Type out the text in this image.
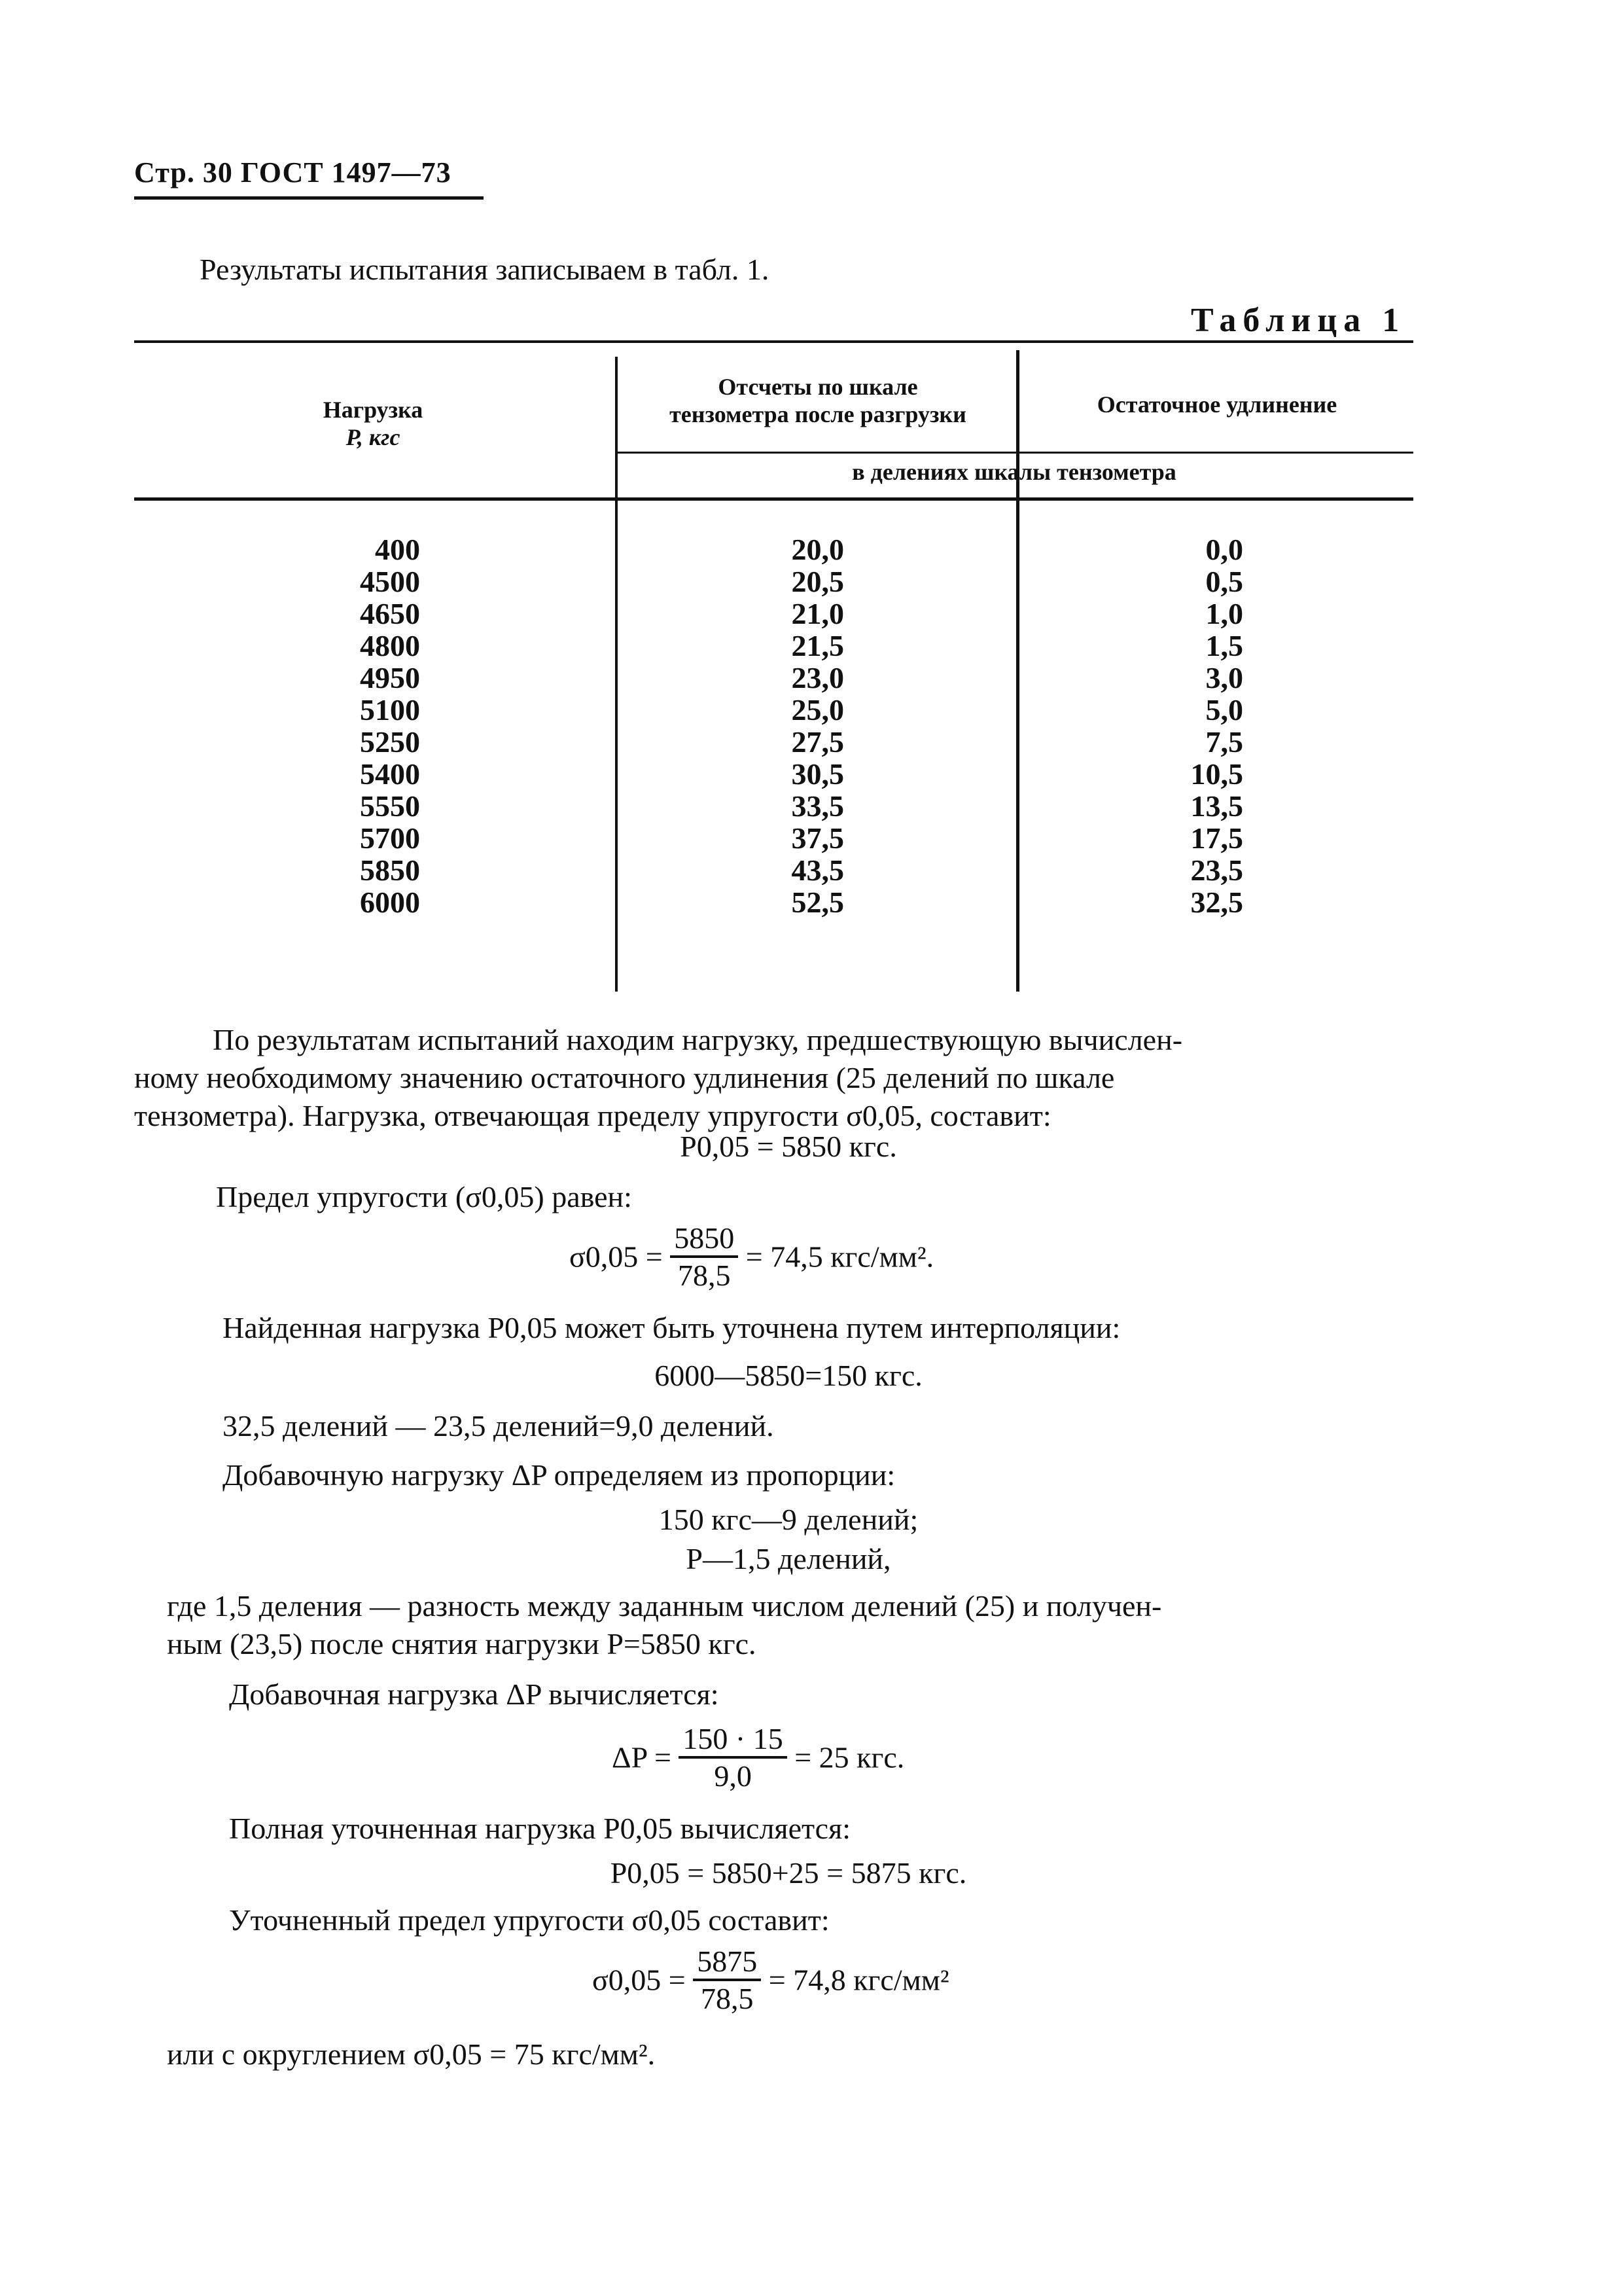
Стр. 30 ГОСТ 1497—73
Результаты испытания записываем в табл. 1.
Таблица 1
Нагрузка
P, кгс
Отсчеты по шкале
тензометра после разгрузки	Остаточное удлинение
в делениях шкалы тензометра
400
4500
4650
4800
4950
5100
5250
5400
5550
5700
5850
6000
20,0
20,5
21,0
21,5
23,0
25,0
27,5
30,5
33,5
37,5
43,5
52,5
0,0
0,5
1,0
1,5
3,0
5,0
7,5
10,5
13,5
17,5
23,5
32,5
По результатам испытаний находим нагрузку, предшествующую вычислен-
ному необходимому значению остаточного удлинения (25 делений по шкале
тензометра). Нагрузка, отвечающая пределу упругости σ0,05, составит:
P0,05 = 5850 кгс.
Предел упругости (σ0,05) равен:
$\sigma 0,05 = \frac{5850}{78,5} = 74,5$ кгс/мм².
Найденная нагрузка P0,05 может быть уточнена путем интерполяции:
6000—5850=150 кгс.
32,5 делений — 23,5 делений=9,0 делений.
Добавочную нагрузку ΔP определяем из пропорции:
150 кгс—9 делений;
P—1,5 делений,
где 1,5 деления — разность между заданным числом делений (25) и получен-
ным (23,5) после снятия нагрузки P=5850 кгс.
Добавочная нагрузка ΔP вычисляется:
$\Delta P = \frac{150 \cdot 15}{9,0} = 25$ кгс.
Полная уточненная нагрузка P0,05 вычисляется:
P0,05 = 5850+25 = 5875 кгс.
Уточненный предел упругости σ0,05 составит:
$\sigma 0,05 = \frac{5875}{78,5} = 74,8$ кгс/мм²
или с округлением σ0,05 = 75 кгс/мм².
